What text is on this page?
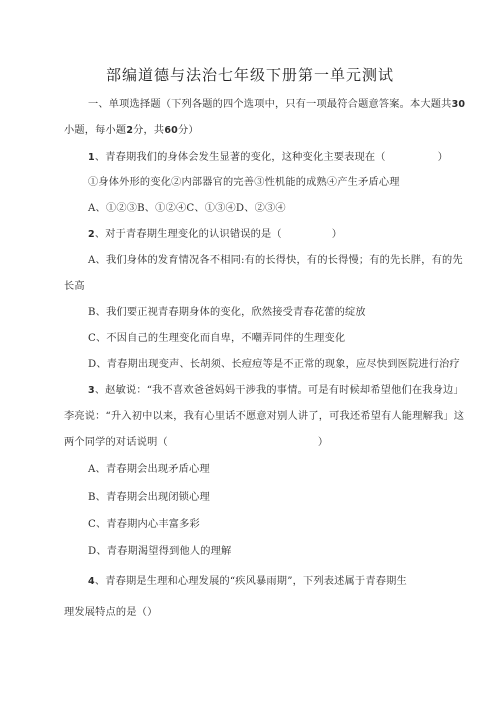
部编道德与法治七年级下册第一单元测试
一、单项选择题（下列各题的四个选项中，只有一项最符合题意答案。本大题共30
小题，每小题2分，共60分）
1、青春期我们的身体会发生显著的变化，这种变化主要表现在（	）
①身体外形的变化②内部器官的完善③性机能的成熟④产生矛盾心理
A、①②③B、①②④C、①③④D、②③④
2、对于青春期生理变化的认识错误的是（	）
A、我们身体的发育情况各不相同:有的长得快，有的长得慢；有的先长胖，有的先
长高
B、我们要正视青春期身体的变化，欣然接受青春花蕾的绽放
C、不因自己的生理变化而自卑，不嘲弄同伴的生理变化
D、青春期出现变声、长胡须、长痘痘等是不正常的现象，应尽快到医院进行治疗
3、赵敏说：“我不喜欢爸爸妈妈干涉我的事情。可是有时候却希望他们在我身边」
李亮说：“升入初中以来，我有心里话不愿意对别人讲了，可我还希望有人能理解我」这
两个同学的对话说明（	）
A、青春期会出现矛盾心理
B、青春期会出现闭锁心理
C、青春期内心丰富多彩
D、青春期渴望得到他人的理解
4、青春期是生理和心理发展的“疾风暴雨期”，下列表述属于青春期生
理发展特点的是（）
